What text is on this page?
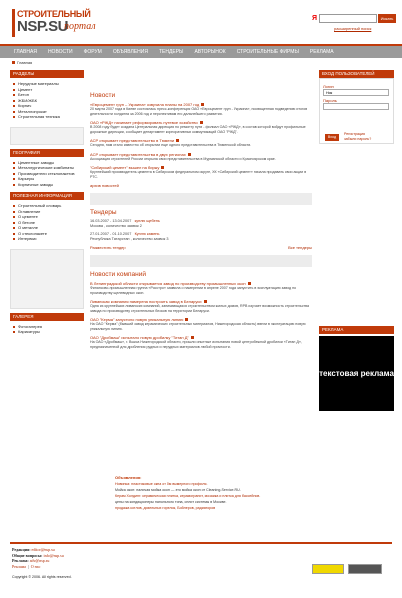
СТРОИТЕЛЬНЫЙ
NSP.SU
портал
Я	Искать
расширенный поиск
ГЛАВНАЯ НОВОСТИ ФОРУМ ОБЪЯВЛЕНИЯ ТЕНДЕРЫ АВТОРЫНОК СТРОИТЕЛЬНЫЕ ФИРМЫ РЕКЛАМА
Главная
РАЗДЕЛЫ
Нерудные материалы
Цемент
Бетон
ЖБИ/ЖБК
Кирпич
Металлопрокат
Строительная техника
ГЕОГРАФИЯ
Цементные заводы
Металлургические комбинаты
Производители стеклопакетов
Карьеры
Кирпичные заводы
ПОЛЕЗНАЯ ИНФОРМАЦИЯ
Строительный словарь
Оглавление
О цементе
О бетоне
О металле
О стеклопакете
Интервью
ГАЛЕРЕЯ
Фотогалерея
Карикатуры
Новости
«Евроцемент груп – Украина» озвучила планы на 2007 год
20 марта 2007 года в Киеве состоялась пресс-конференция ОАО «Евроцемент груп - Украина», посвященная подведению итогов деятельности холдинга за 2006 год и перспективам его дальнейшего развития.
ОАО «РЖД» начинает реформировать путевое хозяйство
В 2008 году будет создана Центральная дирекция по ремонту пути - филиал ОАО «РЖД», в состав которой войдут профильные дорожные дирекции, сообщает департамент корпоративных коммуникаций ОАО "РЖД".
АСР открывает представительство в Тюмени
Сегодня, нам стало известно об открытии еще одного представительства в Тюменской области.
АСР открывает представительства в двух регионах
Ассоциация строителей России открыла свои представительства в Мурманской области и Красноярском крае.
"Сибирский цемент" вышел на биржу
Крупнейший производитель цемента в Сибирском федеральном округе, ХК «Сибирский цемент» начала продавать свои акции в РТС.
архив новостей
Тендеры
16.03.2007 - 13.04.2007 куплю щебень
Москва , количество заявок 2
27.01.2007 - 01.10.2007 Куплю камень
Республика Татарстан , количество заявок 3
Разместить тендер	Все тендеры
Новости компаний
В Ленинградской области открывается завод по производству промышленных окон
Финансово-промышленная группа «Росстро» заявила о намерении в апреле 2007 года запустить в эксплуатацию завод по производству щелевидных окон.
Ливанская компания намерена построить завод в Беларуси
Одна из крупнейших ливанских компаний, занимающаяся строительством жилых домов, RPB изучает возможность строительства завода по производству строительных блоков на территории Беларуси.
ОАО "Керма" запустило новую уникальную линию
На ОАО "Керма" (бывший завод керамических строительных материалов, Нижегородская область) ввели в эксплуатацию новую уникальную линию.
ОАО "Дробмаш" испытало новую дробилку "Титан Д"
На ОАО «Дробмаш», г. Выкса Нижегородской области, прошли опытные испытания новой центробежной дробилки «Титан Д», предназначенной для дробления рудных и нерудных материалов любой прочности.
ВХОД ПОЛЬЗОВАТЕЛЕЙ
Логин
Ник
Пароль
Вход
Регистрация
забыли пароль?
РЕКЛАМА
текстовая реклама
Объявления:
Новинка: пластиковые окна от 0м вымерного профиля.
Мойка окон: наличая мойка окон — это мойка окон от Cleaning-Service.RU.
Керам Холдинг: керамическая плитка, керамогранит, мозаика и плитка для бассейнов.
цены на кондиционеры напольного типа, сплит системы в Москве.
продажа котлов, дизельных горелок, Бойлеров, радиаторов
Редакция: editor@nsp.su
Общие вопросы: info@nsp.su
Реклама: adv@nsp.su
Реклама  |  О нас
Copyright © 2006. All rights reserved.
